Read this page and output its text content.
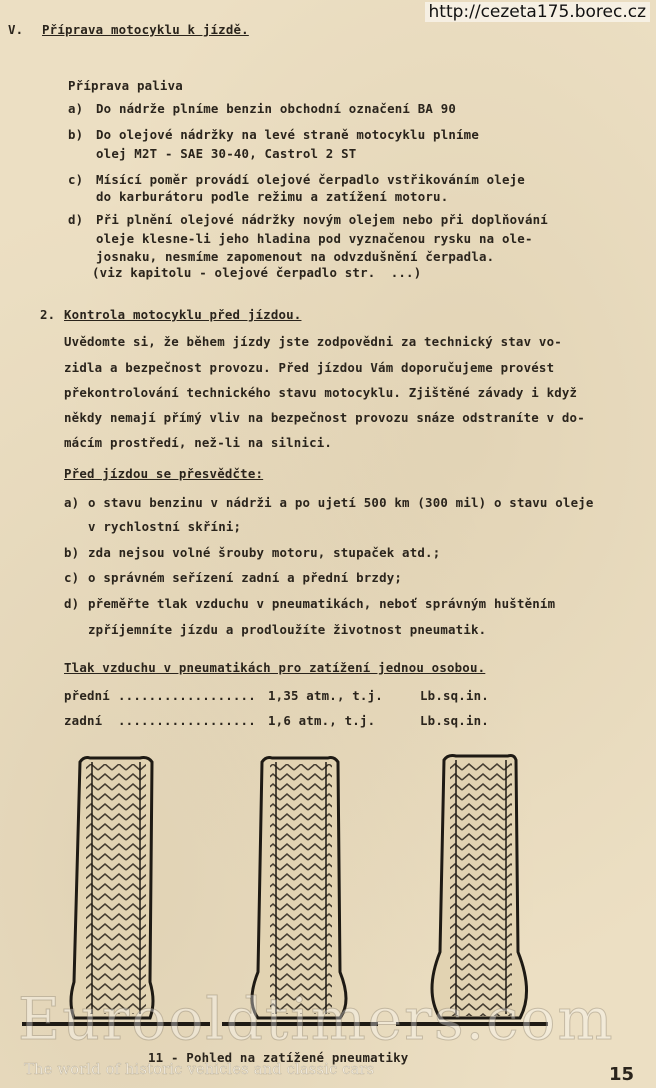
http://cezeta175.borec.cz
V. Příprava motocyklu k jízdě.
Příprava paliva
a) Do nádrže plníme benzin obchodní označení BA 90
b) Do olejové nádržky na levé straně motocyklu plníme
olej M2T - SAE 30-40, Castrol 2 ST
c) Mísící poměr provádí olejové čerpadlo vstřikováním oleje
do karburátoru podle režimu a zatížení motoru.
d) Při plnění olejové nádržky novým olejem nebo při doplňování
oleje klesne-li jeho hladina pod vyznačenou rysku na ole-
josnaku, nesmíme zapomenout na odvzdušnění čerpadla.
(viz kapitolu - olejové čerpadlo str.  ...)
2. Kontrola motocyklu před jízdou.
Uvědomte si, že během jízdy jste zodpovědni za technický stav vo-
zidla a bezpečnost provozu. Před jízdou Vám doporučujeme provést
překontrolování technického stavu motocyklu. Zjištěné závady i když
někdy nemají přímý vliv na bezpečnost provozu snáze odstraníte v do-
mácím prostředí, než-li na silnici.
Před jízdou se přesvědčte:
a) o stavu benzinu v nádrži a po ujetí 500 km (300 mil) o stavu oleje
v rychlostní skříni;
b) zda nejsou volné šrouby motoru, stupaček atd.;
c) o správném seřízení zadní a přední brzdy;
d) přeměřte tlak vzduchu v pneumatikách, neboť správným huštěním
zpříjemníte jízdu a prodloužíte životnost pneumatik.
Tlak vzduchu v pneumatikách pro zatížení jednou osobou.
přední .................. 1,35 atm., t.j.	Lb.sq.in.
zadní .................. 1,6 atm., t.j.	Lb.sq.in.
Eurooldtimers.com
The world of historic vehicles and classic cars
11 - Pohled na zatížené pneumatiky
15
